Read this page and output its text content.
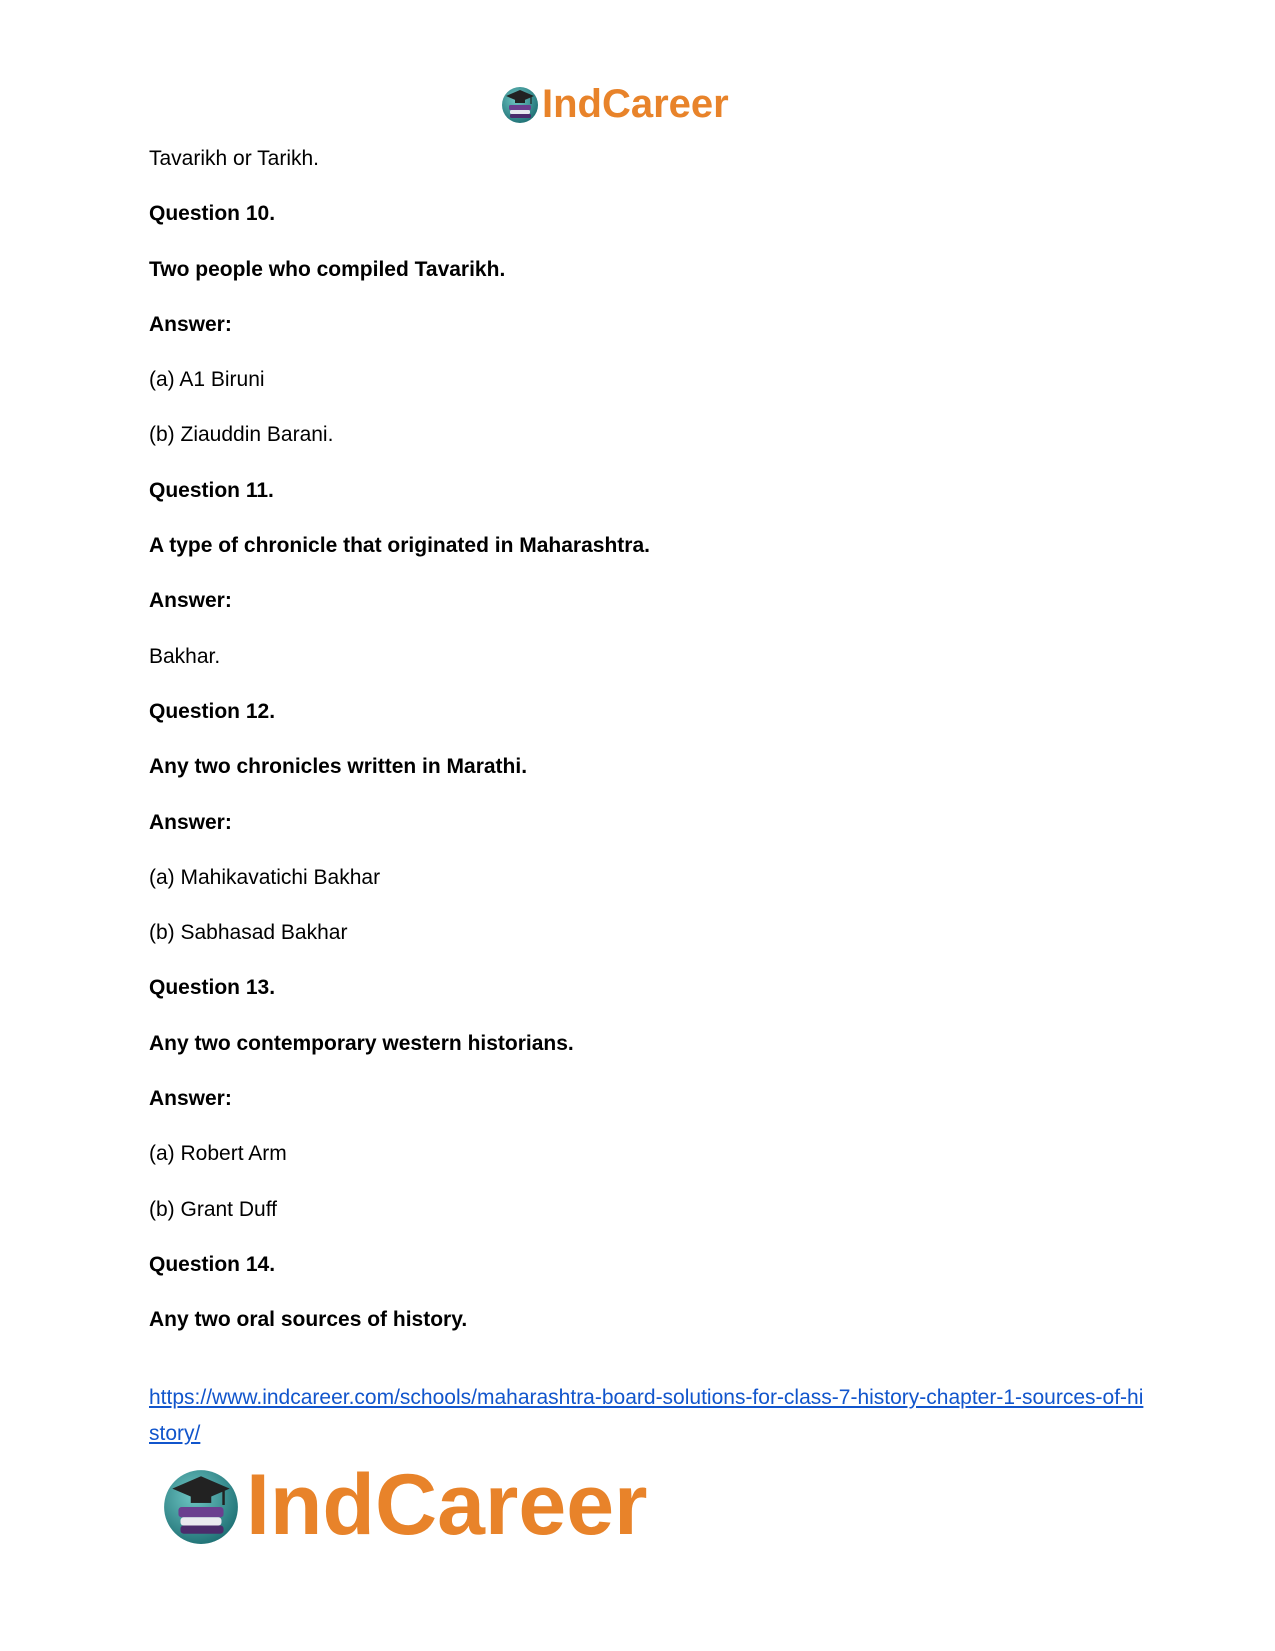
IndCareer
Tavarikh or Tarikh.
Question 10.
Two people who compiled Tavarikh.
Answer:
(a) A1 Biruni
(b) Ziauddin Barani.
Question 11.
A type of chronicle that originated in Maharashtra.
Answer:
Bakhar.
Question 12.
Any two chronicles written in Marathi.
Answer:
(a) Mahikavatichi Bakhar
(b) Sabhasad Bakhar
Question 13.
Any two contemporary western historians.
Answer:
(a) Robert Arm
(b) Grant Duff
Question 14.
Any two oral sources of history.
https://www.indcareer.com/schools/maharashtra-board-solutions-for-class-7-history-chapter-1-sources-of-history/
IndCareer
